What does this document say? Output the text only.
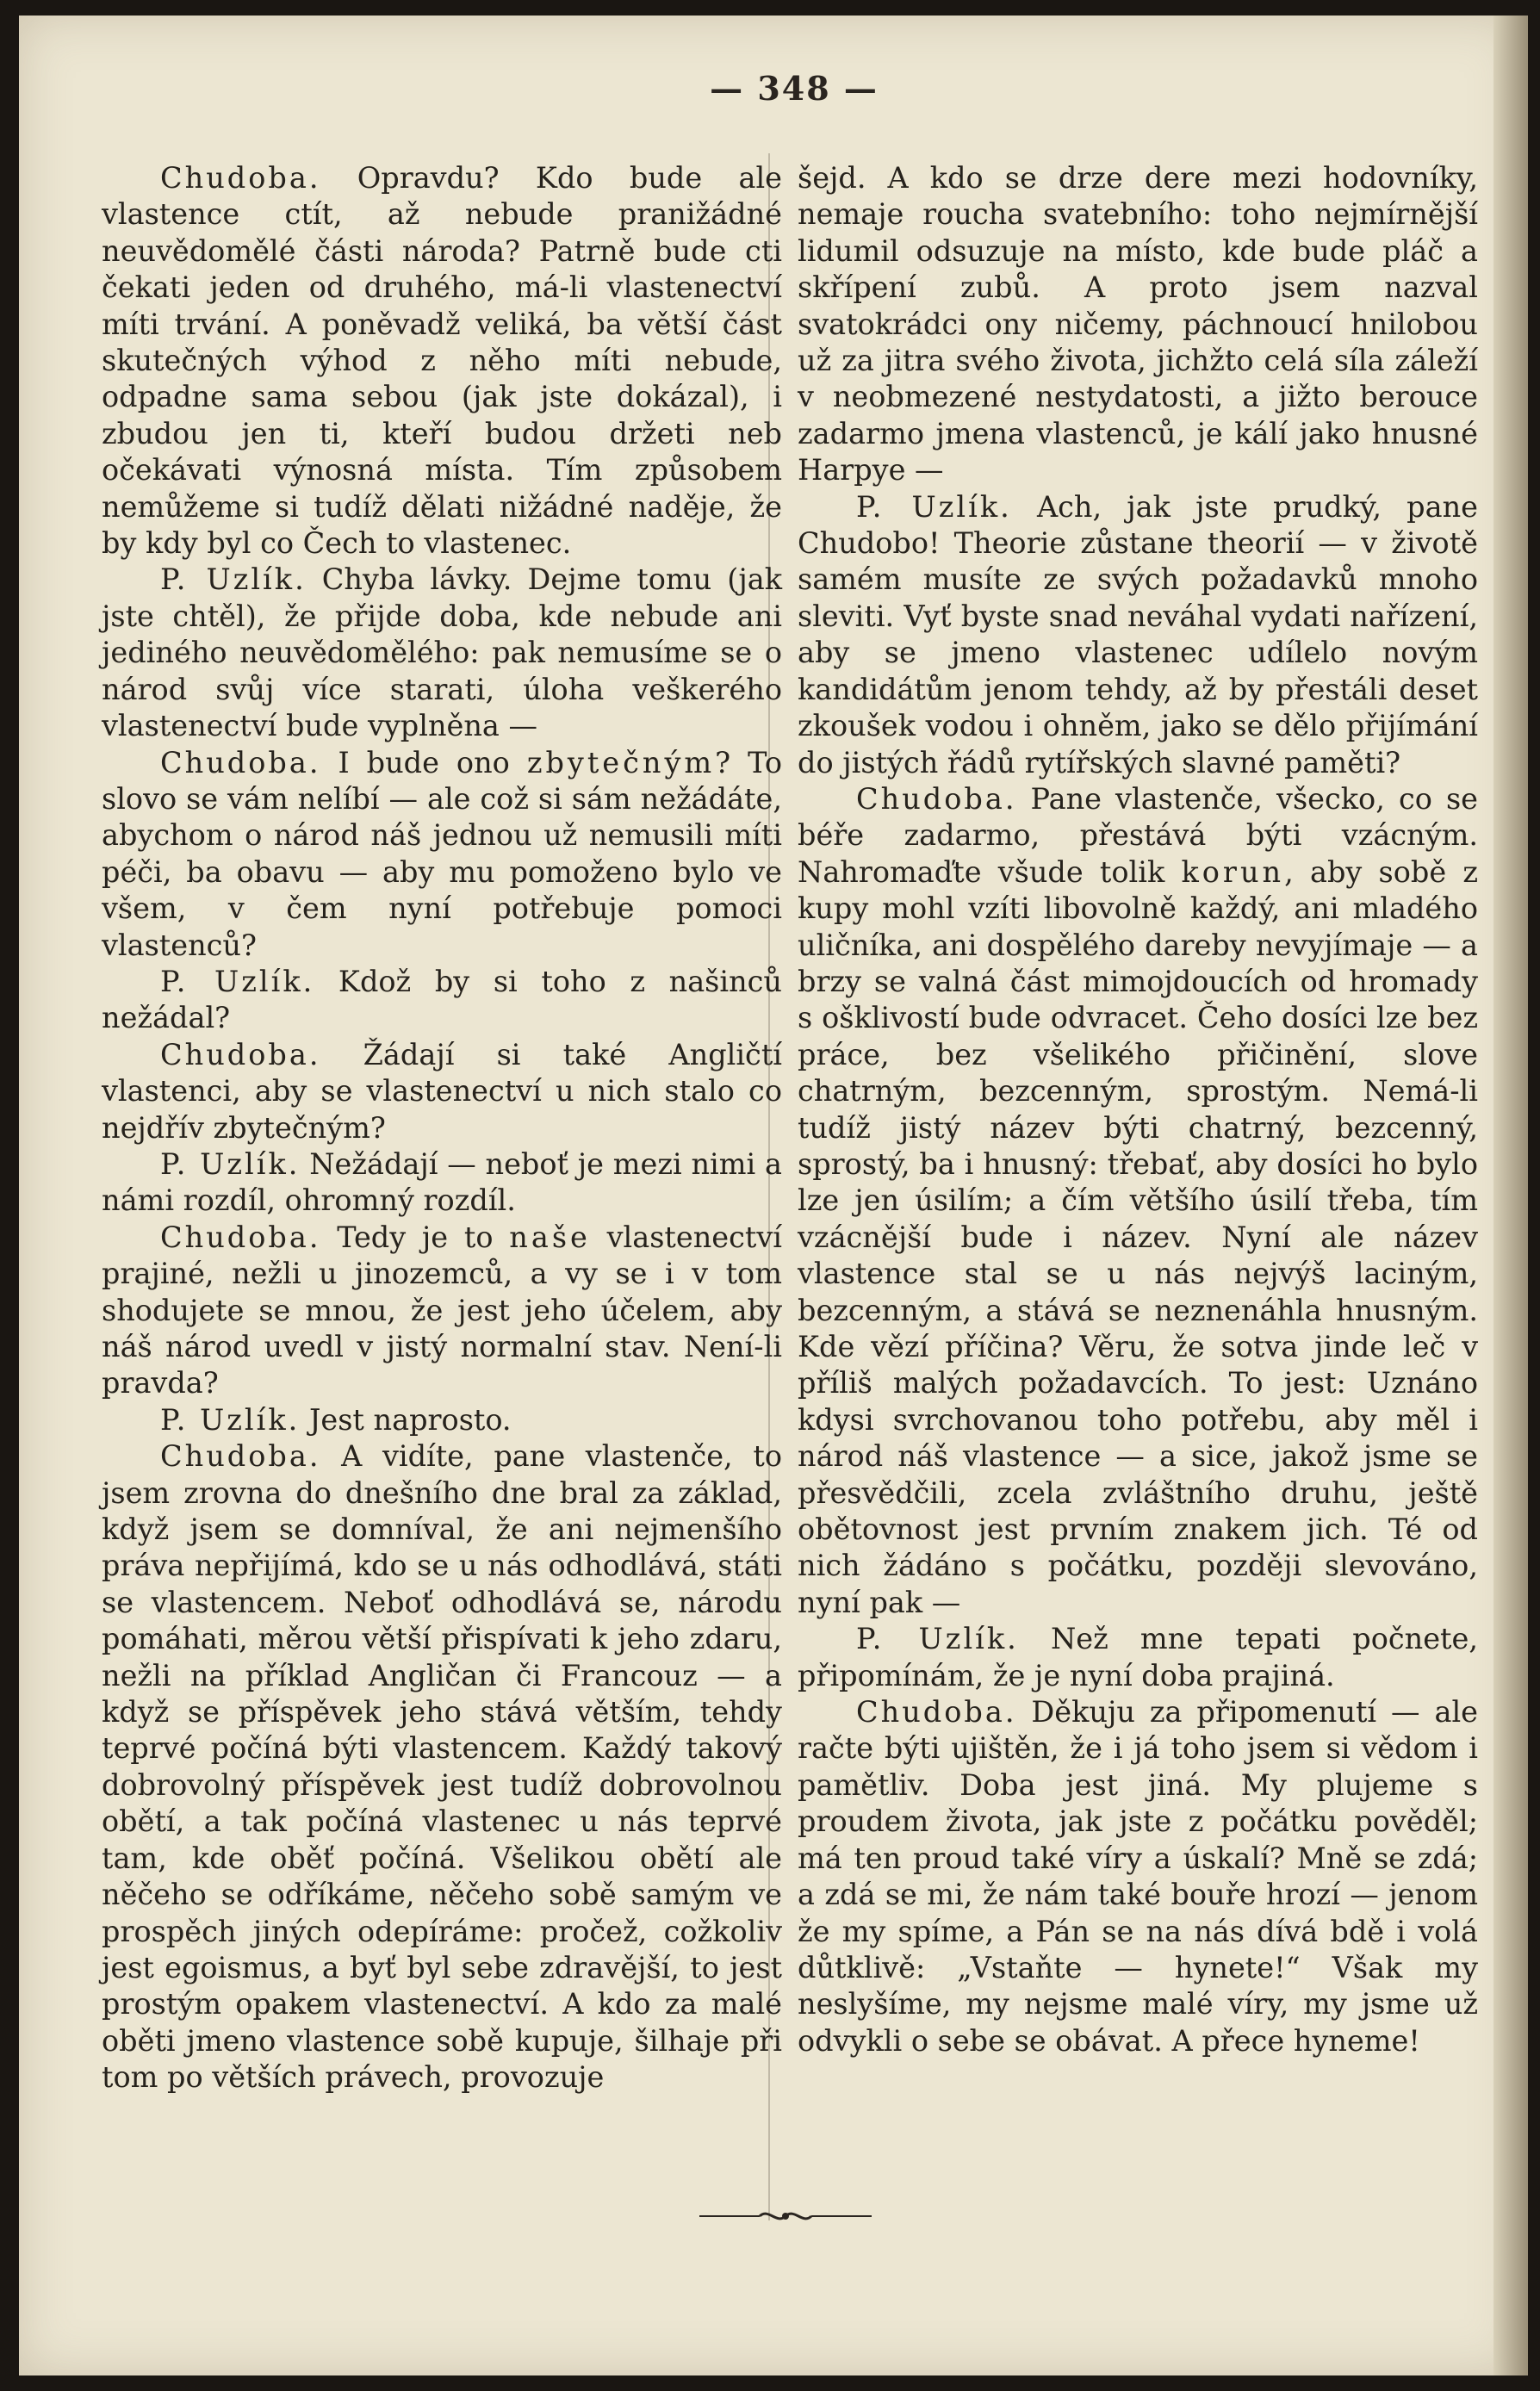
— 348 —

Chudoba. Opravdu? Kdo bude ale vlastence ctít, až nebude pranižádné neuvědomělé části národa? Patrně bude cti čekati jeden od druhého, má-li vlastenectví míti trvání. A poněvadž veliká, ba větší část skutečných výhod z něho míti nebude, odpadne sama sebou (jak jste dokázal), i zbudou jen ti, kteří budou držeti neb očekávati výnosná místa. Tím způsobem nemůžeme si tudíž dělati nižádné naděje, že by kdy byl co Čech to vlastenec.

P. Uzlík. Chyba lávky. Dejme tomu (jak jste chtěl), že přijde doba, kde nebude ani jediného neuvědomělého: pak nemusíme se o národ svůj více starati, úloha veškerého vlastenectví bude vyplněna —

Chudoba. I bude ono zbytečným? To slovo se vám nelíbí — ale což si sám nežádáte, abychom o národ náš jednou už nemusili míti péči, ba obavu — aby mu pomoženo bylo ve všem, v čem nyní potřebuje pomoci vlastenců?

P. Uzlík. Kdož by si toho z našinců nežádal?

Chudoba. Žádají si také Angličtí vlastenci, aby se vlastenectví u nich stalo co nejdřív zbytečným?

P. Uzlík. Nežádají — neboť je mezi nimi a námi rozdíl, ohromný rozdíl.

Chudoba. Tedy je to naše vlastenectví prajiné, nežli u jinozemců, a vy se i v tom shodujete se mnou, že jest jeho účelem, aby náš národ uvedl v jistý normalní stav. Není-li pravda?

P. Uzlík. Jest naprosto.

Chudoba. A vidíte, pane vlastenče, to jsem zrovna do dnešního dne bral za základ, když jsem se domníval, že ani nejmenšího práva nepřijímá, kdo se u nás odhodlává, státi se vlastencem. Neboť odhodlává se, národu pomáhati, měrou větší přispívati k jeho zdaru, nežli na příklad Angličan či Francouz — a když se příspěvek jeho stává větším, tehdy teprvé počíná býti vlastencem. Každý takový dobrovolný příspěvek jest tudíž dobrovolnou obětí, a tak počíná vlastenec u nás teprvé tam, kde oběť počíná. Všelikou obětí ale něčeho se odříkáme, něčeho sobě samým ve prospěch jiných odepíráme: pročež, cožkoliv jest egoismus, a byť byl sebe zdravější, to jest prostým opakem vlastenectví. A kdo za malé oběti jmeno vlastence sobě kupuje, šilhaje při tom po větších právech, provozuje

šejd. A kdo se drze dere mezi hodovníky, nemaje roucha svatebního: toho nejmírnější lidumil odsuzuje na místo, kde bude pláč a skřípení zubů. A proto jsem nazval svatokrádci ony ničemy, páchnoucí hnilobou už za jitra svého života, jichžto celá síla záleží v neobmezené nestydatosti, a jižto berouce zadarmo jmena vlastenců, je kálí jako hnusné Harpye —

P. Uzlík. Ach, jak jste prudký, pane Chudobo! Theorie zůstane theorií — v životě samém musíte ze svých požadavků mnoho sleviti. Vyť byste snad neváhal vydati nařízení, aby se jmeno vlastenec udílelo novým kandidátům jenom tehdy, až by přestáli deset zkoušek vodou i ohněm, jako se dělo přijímání do jistých řádů rytířských slavné paměti?

Chudoba. Pane vlastenče, všecko, co se béře zadarmo, přestává býti vzácným. Nahromaďte všude tolik korun, aby sobě z kupy mohl vzíti libovolně každý, ani mladého uličníka, ani dospělého dareby nevyjímaje — a brzy se valná část mimojdoucích od hromady s ošklivostí bude odvracet. Čeho dosíci lze bez práce, bez všelikého přičinění, slove chatrným, bezcenným, sprostým. Nemá-li tudíž jistý název býti chatrný, bezcenný, sprostý, ba i hnusný: třebať, aby dosíci ho bylo lze jen úsilím; a čím většího úsilí třeba, tím vzácnější bude i název. Nyní ale název vlastence stal se u nás nejvýš laciným, bezcenným, a stává se neznenáhla hnusným. Kde vězí příčina? Věru, že sotva jinde leč v příliš malých požadavcích. To jest: Uznáno kdysi svrchovanou toho potřebu, aby měl i národ náš vlastence — a sice, jakož jsme se přesvědčili, zcela zvláštního druhu, ještě obětovnost jest prvním znakem jich. Té od nich žádáno s počátku, později slevováno, nyní pak —

P. Uzlík. Než mne tepati počnete, připomínám, že je nyní doba prajiná.

Chudoba. Děkuju za připomenutí — ale račte býti ujištěn, že i já toho jsem si vědom i pamětliv. Doba jest jiná. My plujeme s proudem života, jak jste z počátku pověděl; má ten proud také víry a úskalí? Mně se zdá; a zdá se mi, že nám také bouře hrozí — jenom že my spíme, a Pán se na nás dívá bdě i volá důtklivě: „Vstaňte — hynete!“ Však my neslyšíme, my nejsme malé víry, my jsme už odvykli o sebe se obávat. A přece hyneme!
